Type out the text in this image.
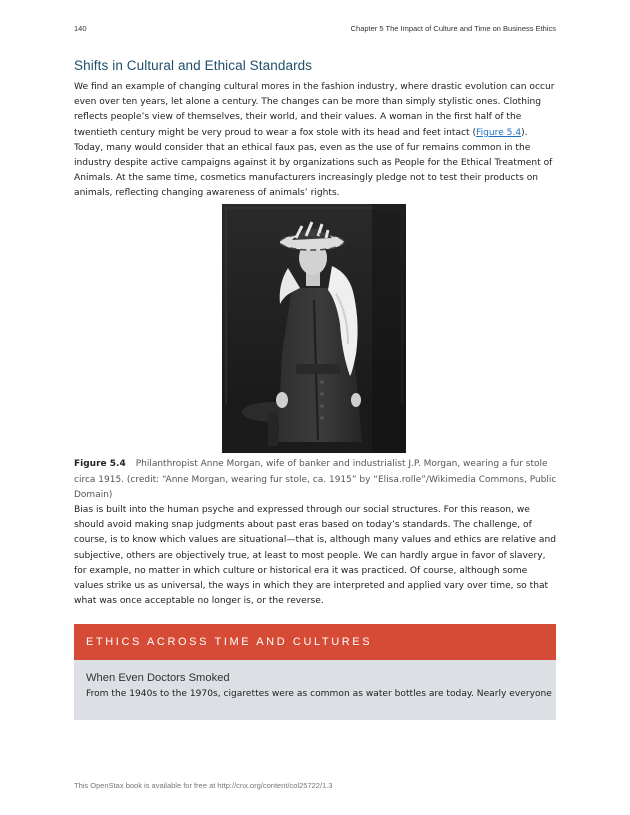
140	Chapter 5 The Impact of Culture and Time on Business Ethics
Shifts in Cultural and Ethical Standards

We find an example of changing cultural mores in the fashion industry, where drastic evolution can occur even over ten years, let alone a century. The changes can be more than simply stylistic ones. Clothing reflects people’s view of themselves, their world, and their values. A woman in the first half of the twentieth century might be very proud to wear a fox stole with its head and feet intact (Figure 5.4). Today, many would consider that an ethical faux pas, even as the use of fur remains common in the industry despite active campaigns against it by organizations such as People for the Ethical Treatment of Animals. At the same time, cosmetics manufacturers increasingly pledge not to test their products on animals, reflecting changing awareness of animals’ rights.

Figure 5.4 Philanthropist Anne Morgan, wife of banker and industrialist J.P. Morgan, wearing a fur stole circa 1915. (credit: “Anne Morgan, wearing fur stole, ca. 1915” by “Elisa.rolle”/Wikimedia Commons, Public Domain)

Bias is built into the human psyche and expressed through our social structures. For this reason, we should avoid making snap judgments about past eras based on today’s standards. The challenge, of course, is to know which values are situational—that is, although many values and ethics are relative and subjective, others are objectively true, at least to most people. We can hardly argue in favor of slavery, for example, no matter in which culture or historical era it was practiced. Of course, although some values strike us as universal, the ways in which they are interpreted and applied vary over time, so that what was once acceptable no longer is, or the reverse.

ETHICS ACROSS TIME AND CULTURES
When Even Doctors Smoked
From the 1940s to the 1970s, cigarettes were as common as water bottles are today. Nearly everyone
This OpenStax book is available for free at http://cnx.org/content/col25722/1.3
